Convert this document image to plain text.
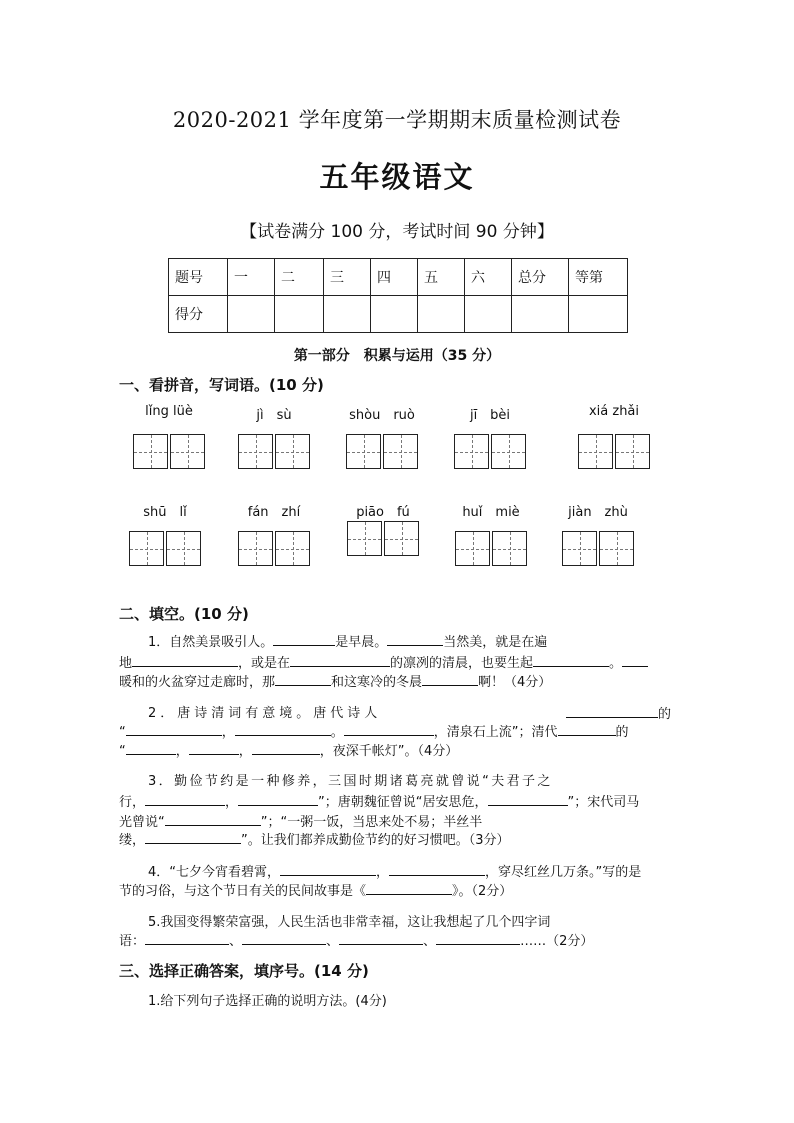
2020-2021 学年度第一学期期末质量检测试卷
五年级语文
【试卷满分 100 分，考试时间 90 分钟】
题号	一	二	三	四	五	六	总分	等第
得分								
第一部分　积累与运用（35 分）
一、看拼音，写词语。(10 分)
lǐng lüè	jì　sù	shòu　ruò	jī　bèi	xiá zhǎi
shū　lǐ	fán　zhí	piāo　fú	huǐ　miè	jiàn　zhù
二、填空。(10 分)
1．自然美景吸引人。	是早晨。	当然美，就是在遍
地	，或是在	的凛冽的清晨，也要生起	。
暖和的火盆穿过走廊时，那	和这寒冷的冬晨	啊！（4分）
2．唐诗清词有意境。唐代诗人	的
“	，	。	，清泉石上流”；清代	的
“	，	，	，夜深千帐灯”。（4分）
3．勤俭节约是一种修养，三国时期诸葛亮就曾说“夫君子之
行，	，	”；唐朝魏征曾说“居安思危，	”；宋代司马
光曾说“	”；“一粥一饭，当思来处不易；半丝半
缕，	”。让我们都养成勤俭节约的好习惯吧。（3分）
4．“七夕今宵看碧霄，	，	，穿尽红丝几万条。”写的是
节的习俗，与这个节日有关的民间故事是《	》。（2分）
5.我国变得繁荣富强，人民生活也非常幸福，这让我想起了几个四字词
语：	、	、	、	……（2分）
三、选择正确答案，填序号。(14 分)
1.给下列句子选择正确的说明方法。(4分)
